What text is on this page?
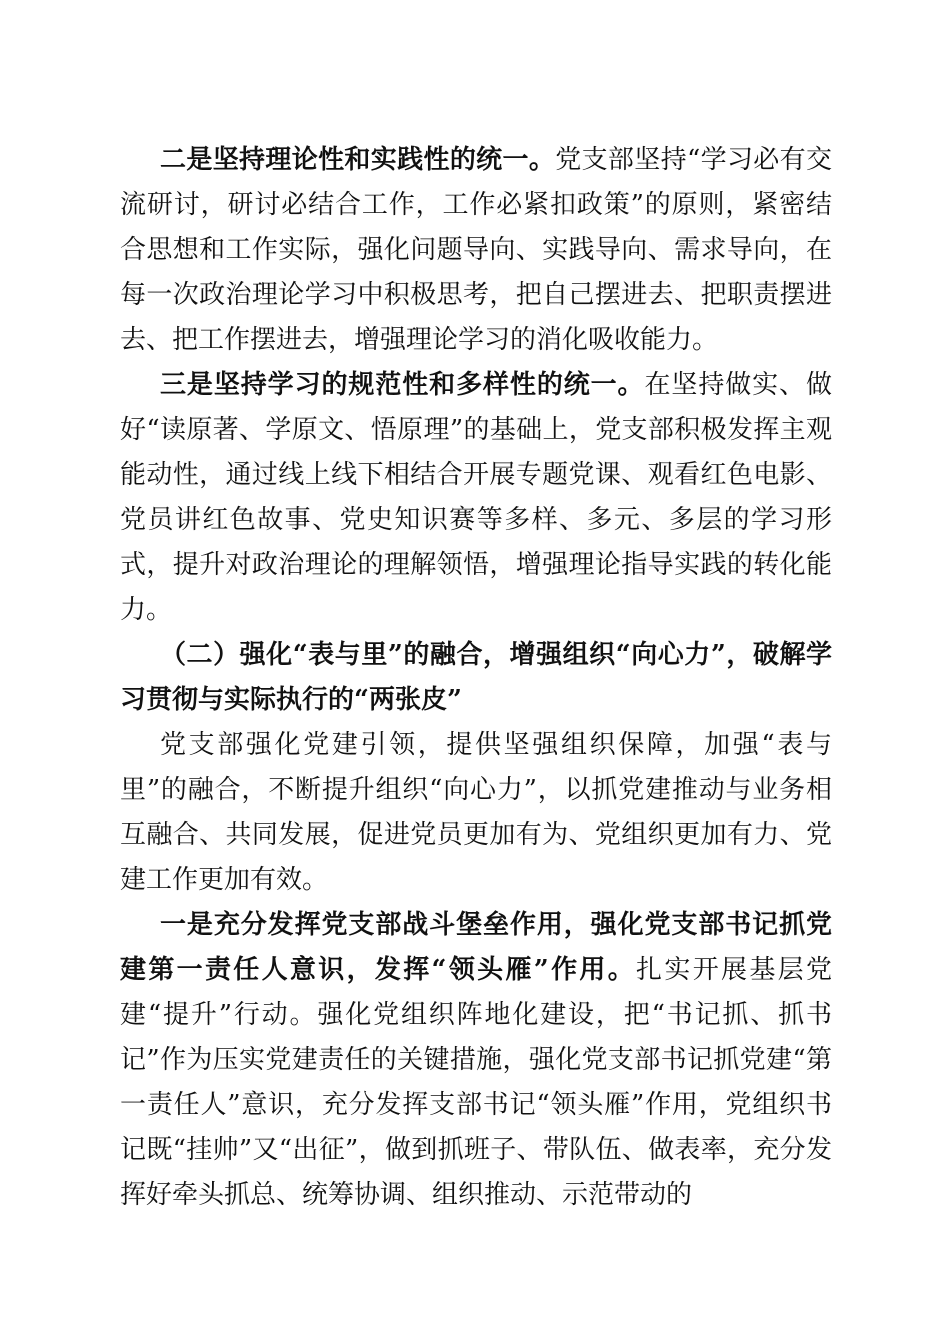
二是坚持理论性和实践性的统一。党支部坚持“学习必有交流研讨，研讨必结合工作，工作必紧扣政策”的原则，紧密结合思想和工作实际，强化问题导向、实践导向、需求导向，在每一次政治理论学习中积极思考，把自己摆进去、把职责摆进去、把工作摆进去，增强理论学习的消化吸收能力。

三是坚持学习的规范性和多样性的统一。在坚持做实、做好“读原著、学原文、悟原理”的基础上，党支部积极发挥主观能动性，通过线上线下相结合开展专题党课、观看红色电影、党员讲红色故事、党史知识赛等多样、多元、多层的学习形式，提升对政治理论的理解领悟，增强理论指导实践的转化能力。

（二）强化“表与里”的融合，增强组织“向心力”，破解学习贯彻与实际执行的“两张皮”

党支部强化党建引领，提供坚强组织保障，加强“表与里”的融合，不断提升组织“向心力”，以抓党建推动与业务相互融合、共同发展，促进党员更加有为、党组织更加有力、党建工作更加有效。

一是充分发挥党支部战斗堡垒作用，强化党支部书记抓党建第一责任人意识，发挥“领头雁”作用。扎实开展基层党建“提升”行动。强化党组织阵地化建设，把“书记抓、抓书记”作为压实党建责任的关键措施，强化党支部书记抓党建“第一责任人”意识，充分发挥支部书记“领头雁”作用，党组织书记既“挂帅”又“出征”，做到抓班子、带队伍、做表率，充分发挥好牵头抓总、统筹协调、组织推动、示范带动的
